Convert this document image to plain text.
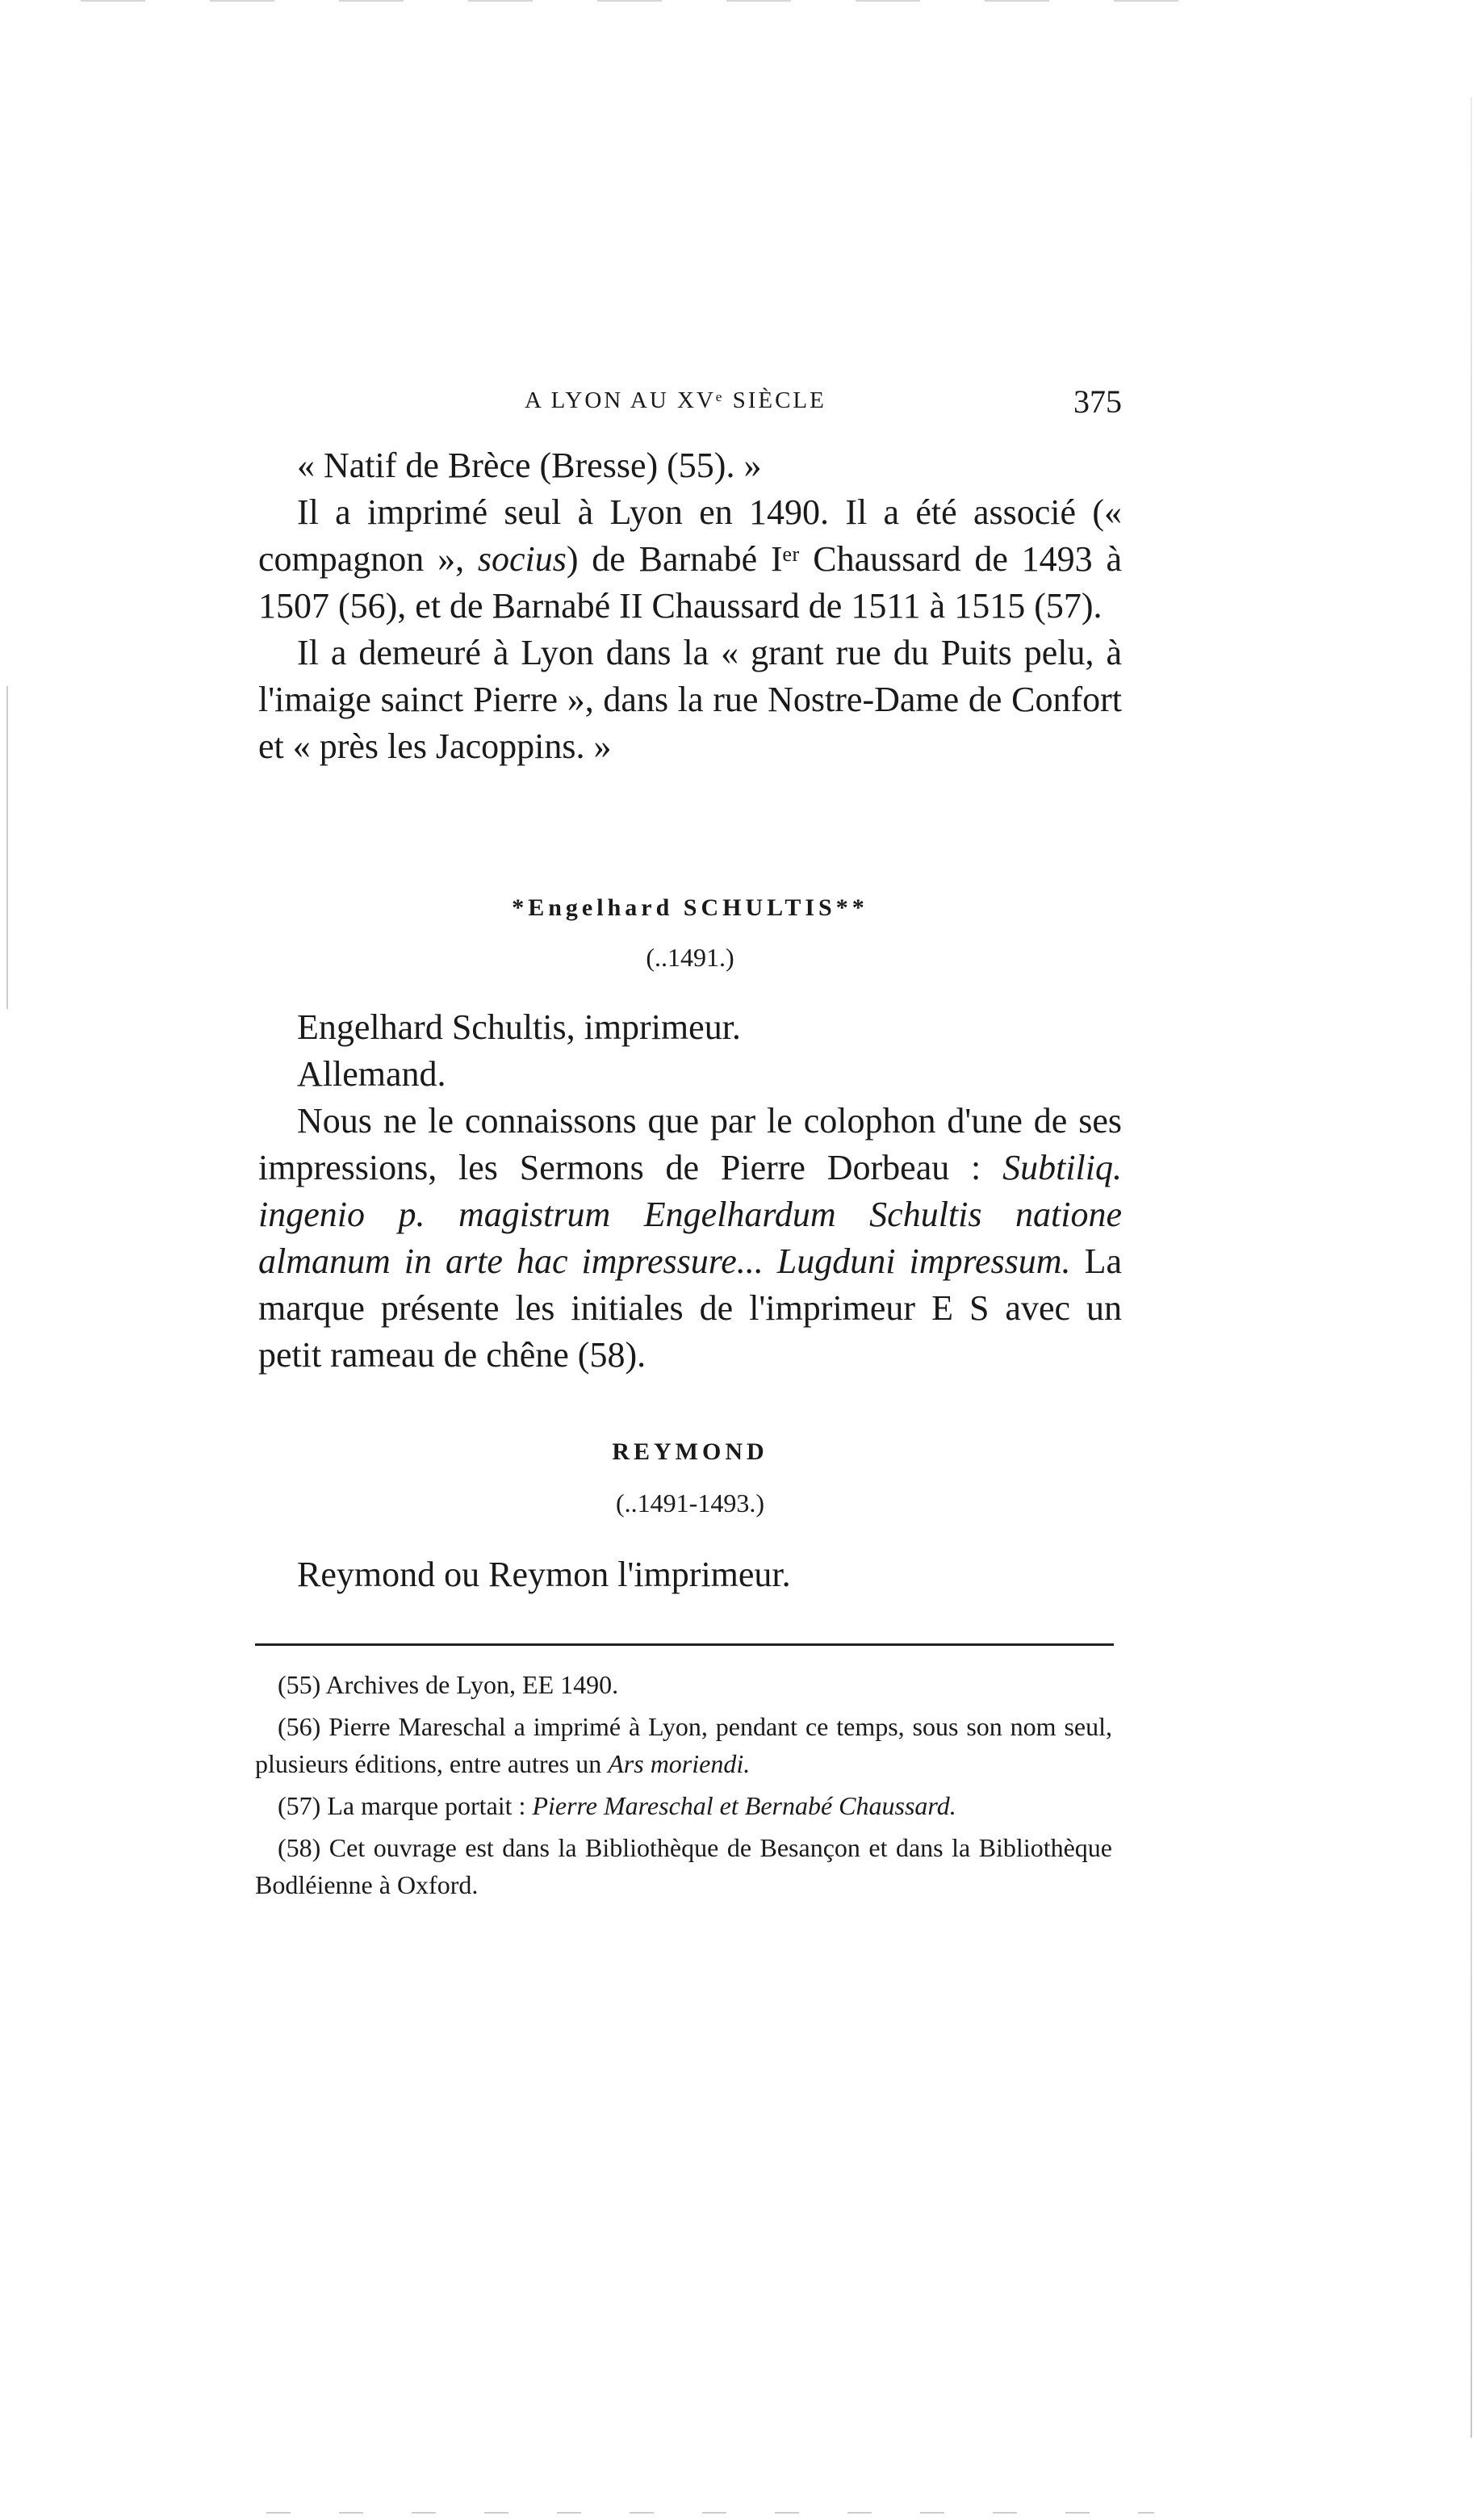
A LYON AU XVᵉ SIÈCLE	375

« Natif de Brèce (Bresse) (55). »

Il a imprimé seul à Lyon en 1490. Il a été associé (« compagnon », socius) de Barnabé Iᵉʳ Chaussard de 1493 à 1507 (56), et de Barnabé II Chaussard de 1511 à 1515 (57).

Il a demeuré à Lyon dans la « grant rue du Puits pelu, à l'imaige sainct Pierre », dans la rue Nostre-Dame de Confort et « près les Jacoppins. »

*Engelhard SCHULTIS**
(..1491.)

Engelhard Schultis, imprimeur.

Allemand.

Nous ne le connaissons que par le colophon d'une de ses impressions, les Sermons de Pierre Dorbeau : Subtiliq. ingenio p. magistrum Engelhardum Schultis natione almanum in arte hac impressure... Lugduni impressum. La marque présente les initiales de l'imprimeur E S avec un petit rameau de chêne (58).

REYMOND
(..1491-1493.)

Reymond ou Reymon l'imprimeur.

(55) Archives de Lyon, EE 1490.

(56) Pierre Mareschal a imprimé à Lyon, pendant ce temps, sous son nom seul, plusieurs éditions, entre autres un Ars moriendi.

(57) La marque portait : Pierre Mareschal et Bernabé Chaussard.

(58) Cet ouvrage est dans la Bibliothèque de Besançon et dans la Bibliothèque Bodléienne à Oxford.
